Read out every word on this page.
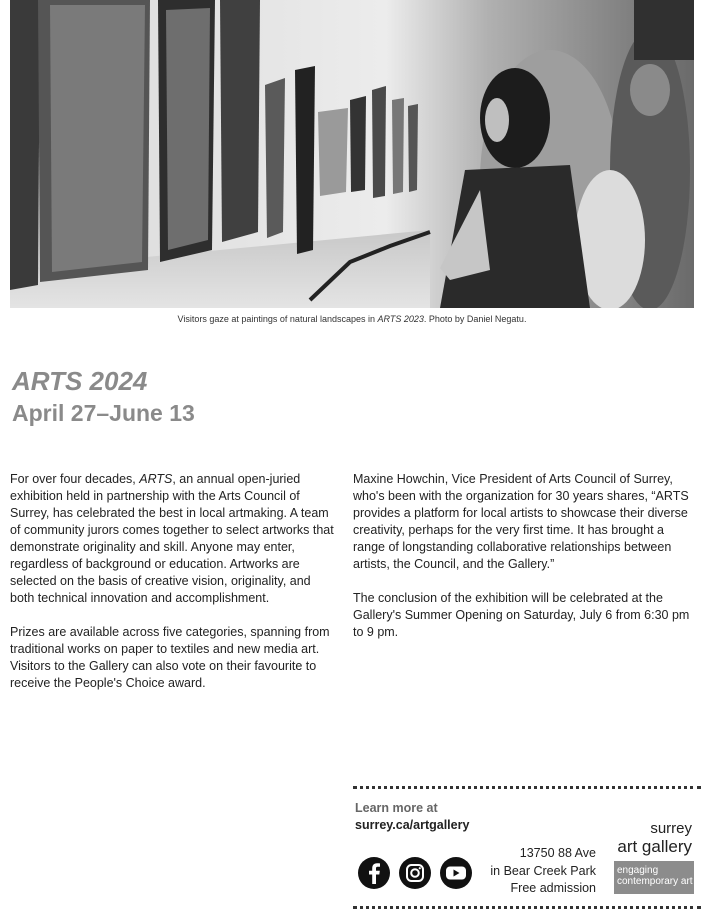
Visitors gaze at paintings of natural landscapes in ARTS 2023. Photo by Daniel Negatu.
ARTS 2024
April 27–June 13

For over four decades, ARTS, an annual open-juried exhibition held in partnership with the Arts Council of Surrey, has celebrated the best in local artmaking. A team of community jurors comes together to select artworks that demonstrate originality and skill. Anyone may enter, regardless of background or education. Artworks are selected on the basis of creative vision, originality, and both technical innovation and accomplishment.

Prizes are available across five categories, spanning from traditional works on paper to textiles and new media art. Visitors to the Gallery can also vote on their favourite to receive the People's Choice award.

Maxine Howchin, Vice President of Arts Council of Surrey, who's been with the organization for 30 years shares, “ARTS provides a platform for local artists to showcase their diverse creativity, perhaps for the very first time. It has brought a range of longstanding collaborative relationships between artists, the Council, and the Gallery.”

The conclusion of the exhibition will be celebrated at the Gallery's Summer Opening on Saturday, July 6 from 6:30 pm to 9 pm.

Learn more at
surrey.ca/artgallery
13750 88 Ave
in Bear Creek Park
Free admission
surrey
art gallery
engaging
contemporary art
